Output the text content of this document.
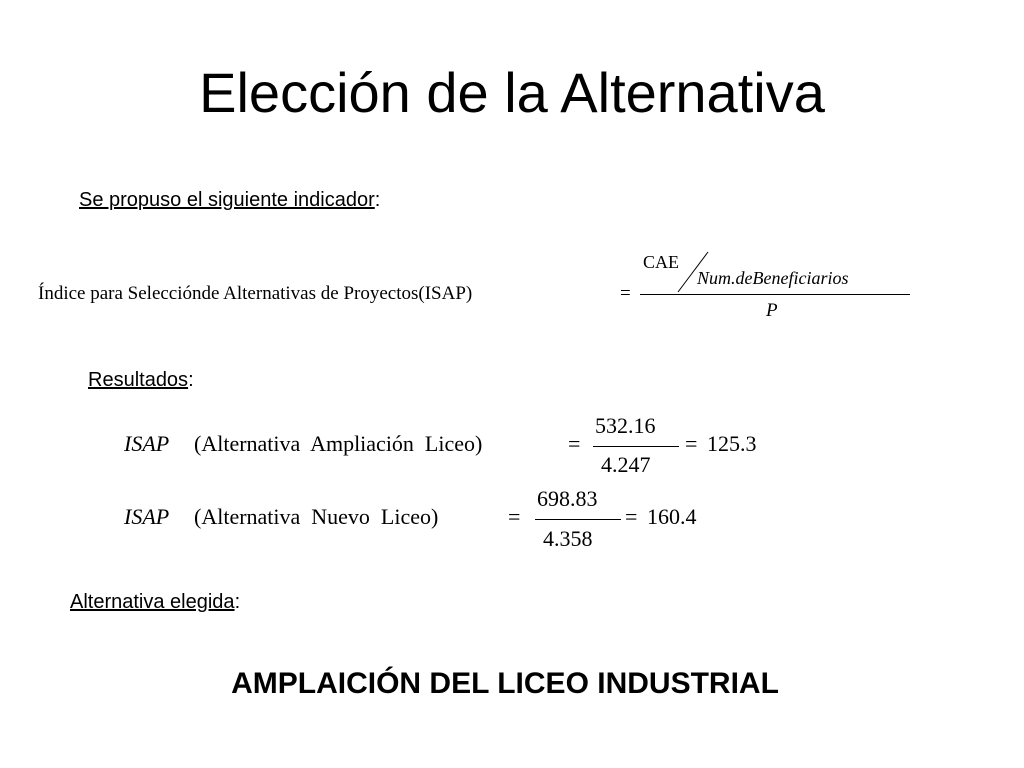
Elección de la Alternativa
Se propuso el siguiente indicador:
Índice para Selecciónde Alternativas de Proyectos(ISAP)	=
CAE
Num.deBeneficiarios
P
Resultados:
ISAP (Alternativa  Ampliación  Liceo)	=
532.16
4.247
= 125.3
ISAP (Alternativa  Nuevo  Liceo)	=
698.83
4.358
= 160.4
Alternativa elegida:
AMPLAICIÓN DEL LICEO INDUSTRIAL
